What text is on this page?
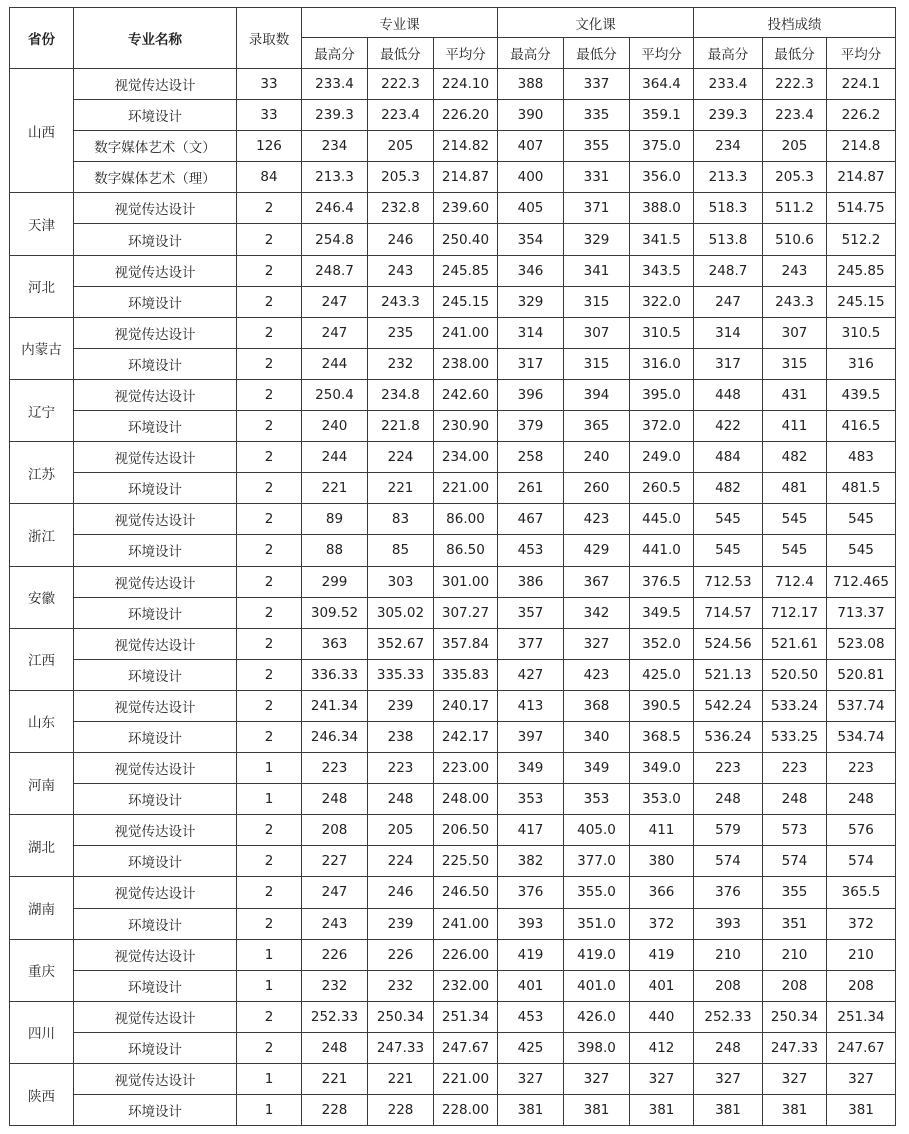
省份	专业名称	录取数	专业课			文化课			投档成绩		
			最高分	最低分	平均分	最高分	最低分	平均分	最高分	最低分	平均分
山西	视觉传达设计	33	233.4	222.3	224.10	388	337	364.4	233.4	222.3	224.1
	环境设计	33	239.3	223.4	226.20	390	335	359.1	239.3	223.4	226.2
	数字媒体艺术（文）	126	234	205	214.82	407	355	375.0	234	205	214.8
	数字媒体艺术（理）	84	213.3	205.3	214.87	400	331	356.0	213.3	205.3	214.87
天津	视觉传达设计	2	246.4	232.8	239.60	405	371	388.0	518.3	511.2	514.75
	环境设计	2	254.8	246	250.40	354	329	341.5	513.8	510.6	512.2
河北	视觉传达设计	2	248.7	243	245.85	346	341	343.5	248.7	243	245.85
	环境设计	2	247	243.3	245.15	329	315	322.0	247	243.3	245.15
内蒙古	视觉传达设计	2	247	235	241.00	314	307	310.5	314	307	310.5
	环境设计	2	244	232	238.00	317	315	316.0	317	315	316
辽宁	视觉传达设计	2	250.4	234.8	242.60	396	394	395.0	448	431	439.5
	环境设计	2	240	221.8	230.90	379	365	372.0	422	411	416.5
江苏	视觉传达设计	2	244	224	234.00	258	240	249.0	484	482	483
	环境设计	2	221	221	221.00	261	260	260.5	482	481	481.5
浙江	视觉传达设计	2	89	83	86.00	467	423	445.0	545	545	545
	环境设计	2	88	85	86.50	453	429	441.0	545	545	545
安徽	视觉传达设计	2	299	303	301.00	386	367	376.5	712.53	712.4	712.465
	环境设计	2	309.52	305.02	307.27	357	342	349.5	714.57	712.17	713.37
江西	视觉传达设计	2	363	352.67	357.84	377	327	352.0	524.56	521.61	523.08
	环境设计	2	336.33	335.33	335.83	427	423	425.0	521.13	520.50	520.81
山东	视觉传达设计	2	241.34	239	240.17	413	368	390.5	542.24	533.24	537.74
	环境设计	2	246.34	238	242.17	397	340	368.5	536.24	533.25	534.74
河南	视觉传达设计	1	223	223	223.00	349	349	349.0	223	223	223
	环境设计	1	248	248	248.00	353	353	353.0	248	248	248
湖北	视觉传达设计	2	208	205	206.50	417	405.0	411	579	573	576
	环境设计	2	227	224	225.50	382	377.0	380	574	574	574
湖南	视觉传达设计	2	247	246	246.50	376	355.0	366	376	355	365.5
	环境设计	2	243	239	241.00	393	351.0	372	393	351	372
重庆	视觉传达设计	1	226	226	226.00	419	419.0	419	210	210	210
	环境设计	1	232	232	232.00	401	401.0	401	208	208	208
四川	视觉传达设计	2	252.33	250.34	251.34	453	426.0	440	252.33	250.34	251.34
	环境设计	2	248	247.33	247.67	425	398.0	412	248	247.33	247.67
陕西	视觉传达设计	1	221	221	221.00	327	327	327	327	327	327
	环境设计	1	228	228	228.00	381	381	381	381	381	381
